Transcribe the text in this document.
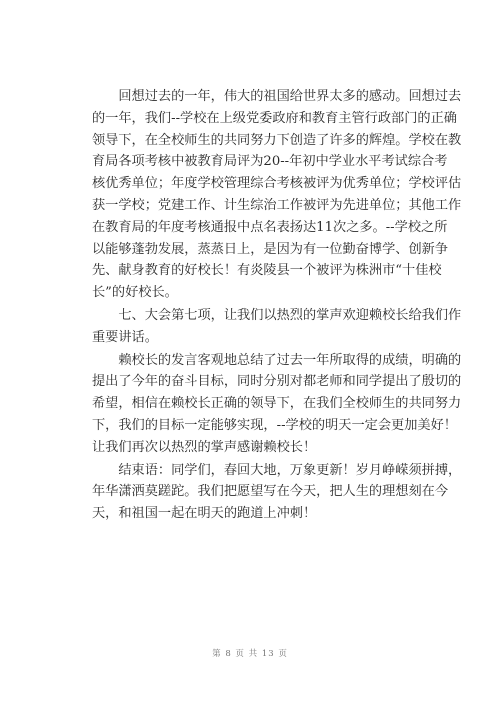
　　回想过去的一年，伟大的祖国给世界太多的感动。回想过去
的一年，我们--学校在上级党委政府和教育主管行政部门的正确
领导下，在全校师生的共同努力下创造了许多的辉煌。学校在教
育局各项考核中被教育局评为20--年初中学业水平考试综合考
核优秀单位；年度学校管理综合考核被评为优秀单位；学校评估
获一学校；党建工作、计生综治工作被评为先进单位；其他工作
在教育局的年度考核通报中点名表扬达11次之多。--学校之所
以能够蓬勃发展，蒸蒸日上，是因为有一位勤奋博学、创新争
先、献身教育的好校长！有炎陵县一个被评为株洲市“十佳校
长”的好校长。

　　七、大会第七项，让我们以热烈的掌声欢迎赖校长给我们作
重要讲话。

　　赖校长的发言客观地总结了过去一年所取得的成绩，明确的
提出了今年的奋斗目标，同时分别对都老师和同学提出了殷切的
希望，相信在赖校长正确的领导下，在我们全校师生的共同努力
下，我们的目标一定能够实现，--学校的明天一定会更加美好！
让我们再次以热烈的掌声感谢赖校长！

　　结束语：同学们，春回大地，万象更新！岁月峥嵘须拼搏，
年华潇洒莫蹉跎。我们把愿望写在今天，把人生的理想刻在今
天，和祖国一起在明天的跑道上冲刺！

第 8 页 共 13 页
